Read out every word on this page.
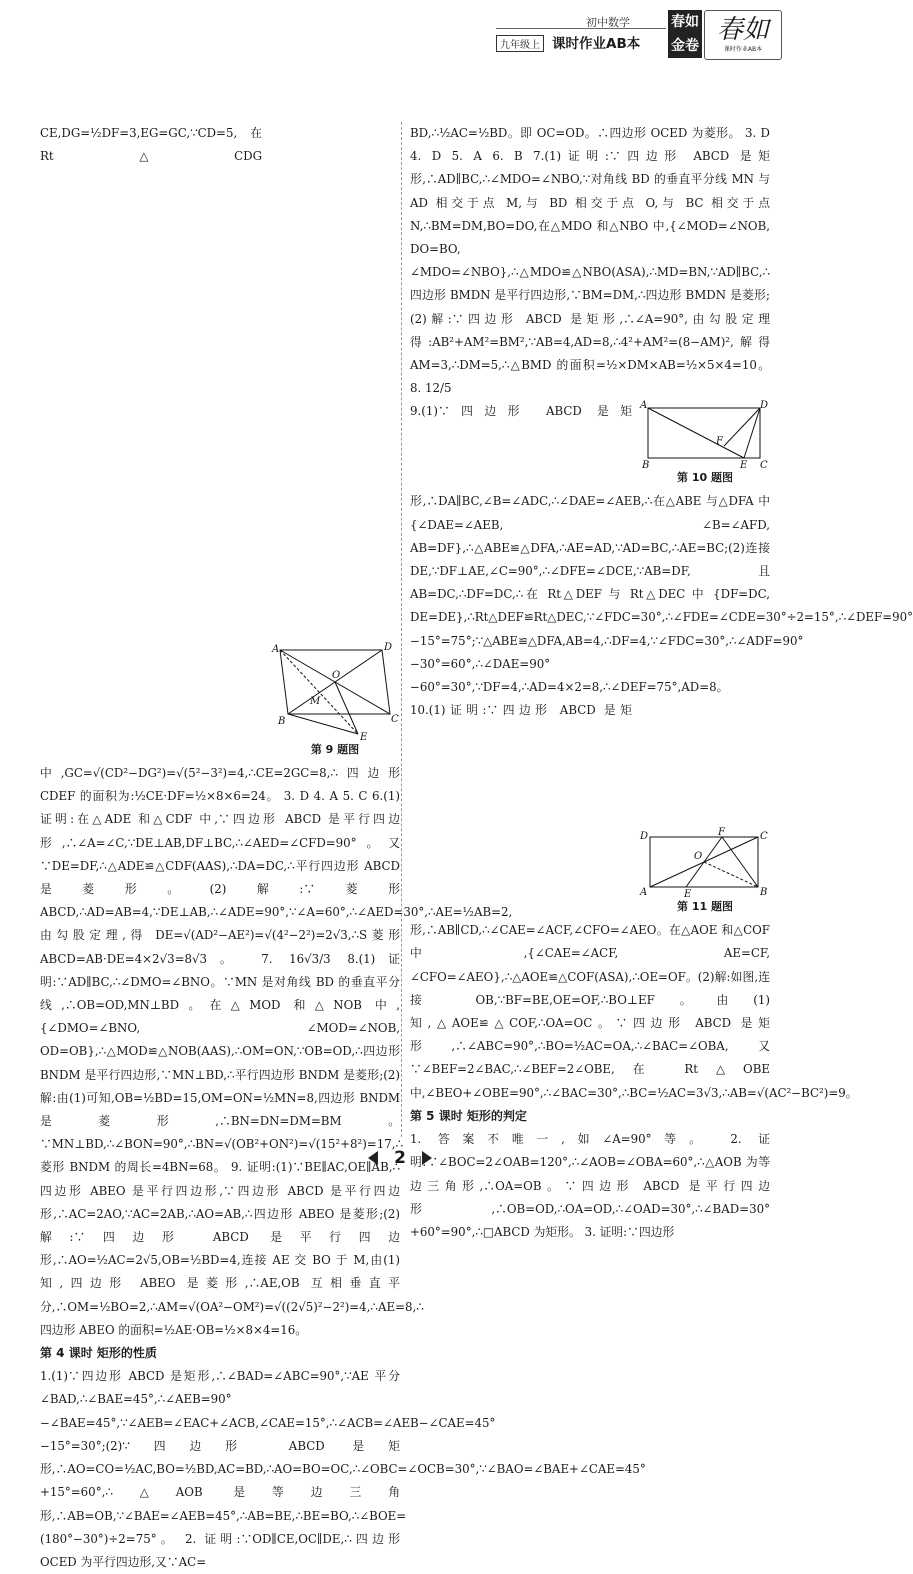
初中数学
九年级上 课时作业AB本
春如金卷
春如
课时作业AB本
A	D
O
M
B	C
E
第 9 题图

CE,DG=½DF=3,EG=GC,∵CD=5,在 Rt△CDG 中,GC=√(CD²−DG²)=√(5²−3²)=4,∴CE=2GC=8,∴四边形 CDEF 的面积为:½CE·DF=½×8×6=24。 3. D 4. A 5. C 6.(1)证明:在△ADE 和△CDF 中,∵四边形 ABCD 是平行四边形,∴∠A=∠C,∵DE⊥AB,DF⊥BC,∴∠AED=∠CFD=90°。又∵DE=DF,∴△ADE≌△CDF(AAS),∴DA=DC,∴平行四边形 ABCD 是菱形。(2)解:∵菱形 ABCD,∴AD=AB=4,∵DE⊥AB,∴∠ADE=90°,∵∠A=60°,∴∠AED=30°,∴AE=½AB=2,由勾股定理,得 DE=√(AD²−AE²)=√(4²−2²)=2√3,∴S菱形ABCD=AB·DE=4×2√3=8√3。 7. 16√3/3 8.(1)证明:∵AD∥BC,∴∠DMO=∠BNO。∵MN 是对角线 BD 的垂直平分线,∴OB=OD,MN⊥BD。在△MOD 和△NOB 中,{∠DMO=∠BNO, ∠MOD=∠NOB, OD=OB},∴△MOD≌△NOB(AAS),∴OM=ON,∵OB=OD,∴四边形 BNDM 是平行四边形,∵MN⊥BD,∴平行四边形 BNDM 是菱形;(2)解:由(1)可知,OB=½BD=15,OM=ON=½MN=8,四边形 BNDM 是菱形,∴BN=DN=DM=BM。∵MN⊥BD,∴∠BON=90°,∴BN=√(OB²+ON²)=√(15²+8²)=17,∴菱形 BNDM 的周长=4BN=68。 9. 证明:(1)∵BE∥AC,OE∥AB,∴四边形 ABEO 是平行四边形,∵四边形 ABCD 是平行四边形,∴AC=2AO,∵AC=2AB,∴AO=AB,∴四边形 ABEO 是菱形;(2)解:∵四边形 ABCD 是平行四边形,∴AO=½AC=2√5,OB=½BD=4,连接 AE 交 BO 于 M,由(1)知,四边形 ABEO 是菱形,∴AE,OB 互相垂直平分,∴OM=½BO=2,∴AM=√(OA²−OM²)=√((2√5)²−2²)=4,∴AE=8,∴四边形 ABEO 的面积=½AE·OB=½×8×4=16。

第 4 课时 矩形的性质

1.(1)∵四边形 ABCD 是矩形,∴∠BAD=∠ABC=90°,∵AE 平分∠BAD,∴∠BAE=45°,∴∠AEB=90°−∠BAE=45°,∵∠AEB=∠EAC+∠ACB,∠CAE=15°,∴∠ACB=∠AEB−∠CAE=45°−15°=30°;(2)∵四边形 ABCD 是矩形,∴AO=CO=½AC,BO=½BD,AC=BD,∴AO=BO=OC,∴∠OBC=∠OCB=30°,∵∠BAO=∠BAE+∠CAE=45°+15°=60°,∴△AOB 是等边三角形,∴AB=OB,∵∠BAE=∠AEB=45°,∴AB=BE,∴BE=BO,∴∠BOE=(180°−30°)÷2=75°。 2. 证明:∵OD∥CE,OC∥DE,∴四边形 OCED 为平行四边形,又∵AC=

BD,∴½AC=½BD。即 OC=OD。∴四边形 OCED 为菱形。 3. D 4. D 5. A 6. B 7.(1)证明:∵四边形 ABCD 是矩形,∴AD∥BC,∴∠MDO=∠NBO,∵对角线 BD 的垂直平分线 MN 与 AD 相交于点 M,与 BD 相交于点 O,与 BC 相交于点 N,∴BM=DM,BO=DO,在△MDO 和△NBO 中,{∠MOD=∠NOB, DO=BO, ∠MDO=∠NBO},∴△MDO≌△NBO(ASA),∴MD=BN,∵AD∥BC,∴四边形 BMDN 是平行四边形,∵BM=DM,∴四边形 BMDN 是菱形;(2)解:∵四边形 ABCD 是矩形,∴∠A=90°,由勾股定理得:AB²+AM²=BM²,∵AB=4,AD=8,∴4²+AM²=(8−AM)²,解得 AM=3,∴DM=5,∴△BMD 的面积=½×DM×AB=½×5×4=10。 8. 12/5

A	D
F
B	E C
第 10 题图

9.(1)∵四边形 ABCD 是矩形,∴DA∥BC,∠B=∠ADC,∴∠DAE=∠AEB,∴在△ABE 与△DFA 中 {∠DAE=∠AEB, ∠B=∠AFD, AB=DF},∴△ABE≌△DFA,∴AE=AD,∵AD=BC,∴AE=BC;(2)连接 DE,∵DF⊥AE,∠C=90°,∴∠DFE=∠DCE,∵AB=DF,且 AB=DC,∴DF=DC,∴在 Rt△DEF 与 Rt△DEC 中 {DF=DC, DE=DE},∴Rt△DEF≌Rt△DEC,∵∠FDC=30°,∴∠FDE=∠CDE=30°÷2=15°,∴∠DEF=90°−15°=75°;∵△ABE≌△DFA,AB=4,∴DF=4,∵∠FDC=30°,∴∠ADF=90°−30°=60°,∴∠DAE=90°−60°=30°,∵DF=4,∴AD=4×2=8,∴∠DEF=75°,AD=8。

D	F	C
O
A	E	B
第 11 题图

10.(1)证明:∵四边形 ABCD 是矩形,∴AB∥CD,∴∠CAE=∠ACF,∠CFO=∠AEO。在△AOE 和△COF 中,{∠CAE=∠ACF, AE=CF, ∠CFO=∠AEO},∴△AOE≌△COF(ASA),∴OE=OF。(2)解:如图,连接 OB,∵BF=BE,OE=OF,∴BO⊥EF。由(1)知,△AOE≌△COF,∴OA=OC。∵四边形 ABCD 是矩形,∴∠ABC=90°,∴BO=½AC=OA,∴∠BAC=∠OBA,又∵∠BEF=2∠BAC,∴∠BEF=2∠OBE,在 Rt△OBE 中,∠BEO+∠OBE=90°,∴∠BAC=30°,∴BC=½AC=3√3,∴AB=√(AC²−BC²)=9。

第 5 课时 矩形的判定

1. 答案不唯一,如∠A=90°等。 2. 证明:∵∠BOC=2∠OAB=120°,∴∠AOB=∠OBA=60°,∴△AOB 为等边三角形,∴OA=OB。∵四边形 ABCD 是平行四边形,∴OB=OD,∴OA=OD,∴∠OAD=30°,∴∠BAD=30°+60°=90°,∴□ABCD 为矩形。 3. 证明:∵四边形

2
